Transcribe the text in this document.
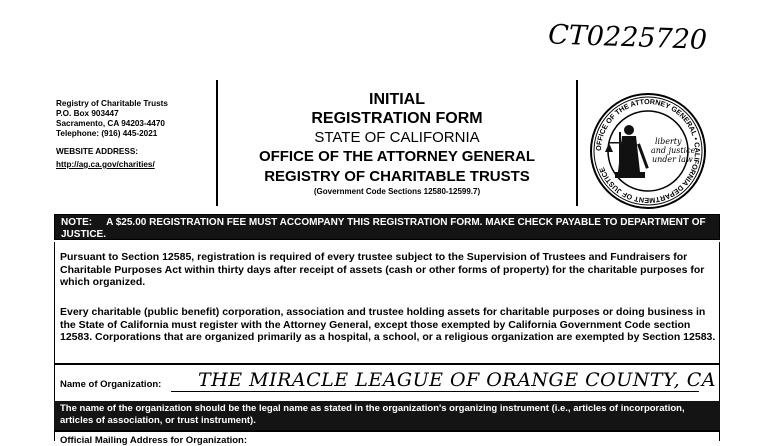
CT0225720
Registry of Charitable Trusts
P.O. Box 903447
Sacramento, CA 94203-4470
Telephone: (916) 445-2021
WEBSITE ADDRESS:
http://ag.ca.gov/charities/
INITIAL
REGISTRATION FORM
STATE OF CALIFORNIA
OFFICE OF THE ATTORNEY GENERAL
REGISTRY OF CHARITABLE TRUSTS
(Government Code Sections 12580-12599.7)
OFFICE OF THE ATTORNEY GENERAL • CALIFORNIA DEPARTMENT OF JUSTICE
liberty
and justice
under law
NOTE: A $25.00 REGISTRATION FEE MUST ACCOMPANY THIS REGISTRATION FORM. MAKE CHECK PAYABLE TO DEPARTMENT OF JUSTICE.
Pursuant to Section 12585, registration is required of every trustee subject to the Supervision of Trustees and Fundraisers for Charitable Purposes Act within thirty days after receipt of assets (cash or other forms of property) for the charitable purposes for which organized.
Every charitable (public benefit) corporation, association and trustee holding assets for charitable purposes or doing business in the State of California must register with the Attorney General, except those exempted by California Government Code section 12583. Corporations that are organized primarily as a hospital, a school, or a religious organization are exempted by Section 12583.
Name of Organization: THE MIRACLE LEAGUE OF ORANGE COUNTY, CA
The name of the organization should be the legal name as stated in the organization's organizing instrument (i.e., articles of incorporation, articles of association, or trust instrument).
Official Mailing Address for Organization:
